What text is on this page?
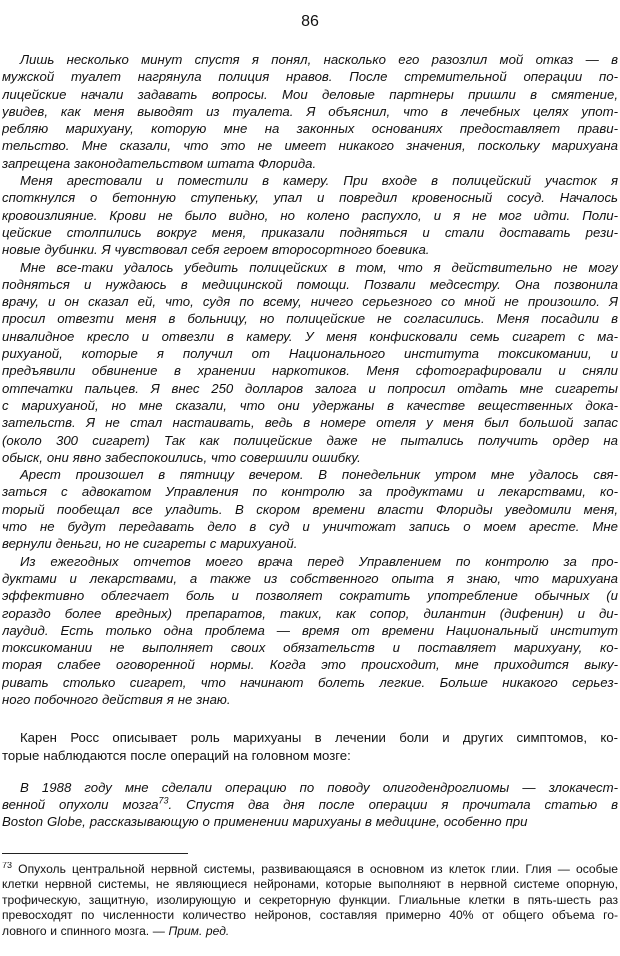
86
Лишь несколько минут спустя я понял, насколько его разозлил мой отказ — в
мужской туалет нагрянула полиция нравов. После стремительной операции по-
лицейские начали задавать вопросы. Мои деловые партнеры пришли в смятение,
увидев, как меня выводят из туалета. Я объяснил, что в лечебных целях упот-
ребляю марихуану, которую мне на законных основаниях предоставляет прави-
тельство. Мне сказали, что это не имеет никакого значения, поскольку марихуана
запрещена законодательством штата Флорида.
Меня арестовали и поместили в камеру. При входе в полицейский участок я
споткнулся о бетонную ступеньку, упал и повредил кровеносный сосуд. Началось
кровоизлияние. Крови не было видно, но колено распухло, и я не мог идти. Поли-
цейские столпились вокруг меня, приказали подняться и стали доставать рези-
новые дубинки. Я чувствовал себя героем второсортного боевика.
Мне все-таки удалось убедить полицейских в том, что я действительно не могу
подняться и нуждаюсь в медицинской помощи. Позвали медсестру. Она позвонила
врачу, и он сказал ей, что, судя по всему, ничего серьезного со мной не произошло. Я
просил отвезти меня в больницу, но полицейские не согласились. Меня посадили в
инвалидное кресло и отвезли в камеру. У меня конфисковали семь сигарет с ма-
рихуаной, которые я получил от Национального института токсикомании, и
предъявили обвинение в хранении наркотиков. Меня сфотографировали и сняли
отпечатки пальцев. Я внес 250 долларов залога и попросил отдать мне сигареты
с марихуаной, но мне сказали, что они удержаны в качестве вещественных дока-
зательств. Я не стал настаивать, ведь в номере отеля у меня был большой запас
(около 300 сигарет) Так как полицейские даже не пытались получить ордер на
обыск, они явно забеспокоились, что совершили ошибку.
Арест произошел в пятницу вечером. В понедельник утром мне удалось свя-
заться с адвокатом Управления по контролю за продуктами и лекарствами, ко-
торый пообещал все уладить. В скором времени власти Флориды уведомили меня,
что не будут передавать дело в суд и уничтожат запись о моем аресте. Мне
вернули деньги, но не сигареты с марихуаной.
Из ежегодных отчетов моего врача перед Управлением по контролю за про-
дуктами и лекарствами, а также из собственного опыта я знаю, что марихуана
эффективно облегчает боль и позволяет сократить употребление обычных (и
гораздо более вредных) препаратов, таких, как сопор, дилантин (дифенин) и ди-
лаудид. Есть только одна проблема — время от времени Национальный институт
токсикомании не выполняет своих обязательств и поставляет марихуану, ко-
торая слабее оговоренной нормы. Когда это происходит, мне приходится выку-
ривать столько сигарет, что начинают болеть легкие. Больше никакого серьез-
ного побочного действия я не знаю.
Карен Росс описывает роль марихуаны в лечении боли и других симптомов, ко-
торые наблюдаются после операций на головном мозге:
В 1988 году мне сделали операцию по поводу олигодендроглиомы — злокачест-
венной опухоли мозга$^{73}$. Спустя два дня после операции я прочитала статью в
Boston Globe, рассказывающую о применении марихуаны в медицине, особенно при
$^{73}$ Опухоль центральной нервной системы, развивающаяся в основном из клеток глии. Глия — особые
клетки нервной системы, не являющиеся нейронами, которые выполняют в нервной системе опорную,
трофическую, защитную, изолирующую и секреторную функции. Глиальные клетки в пять-шесть раз
превосходят по численности количество нейронов, составляя примерно 40% от общего объема го-
ловного и спинного мозга. — Прим. ред.
